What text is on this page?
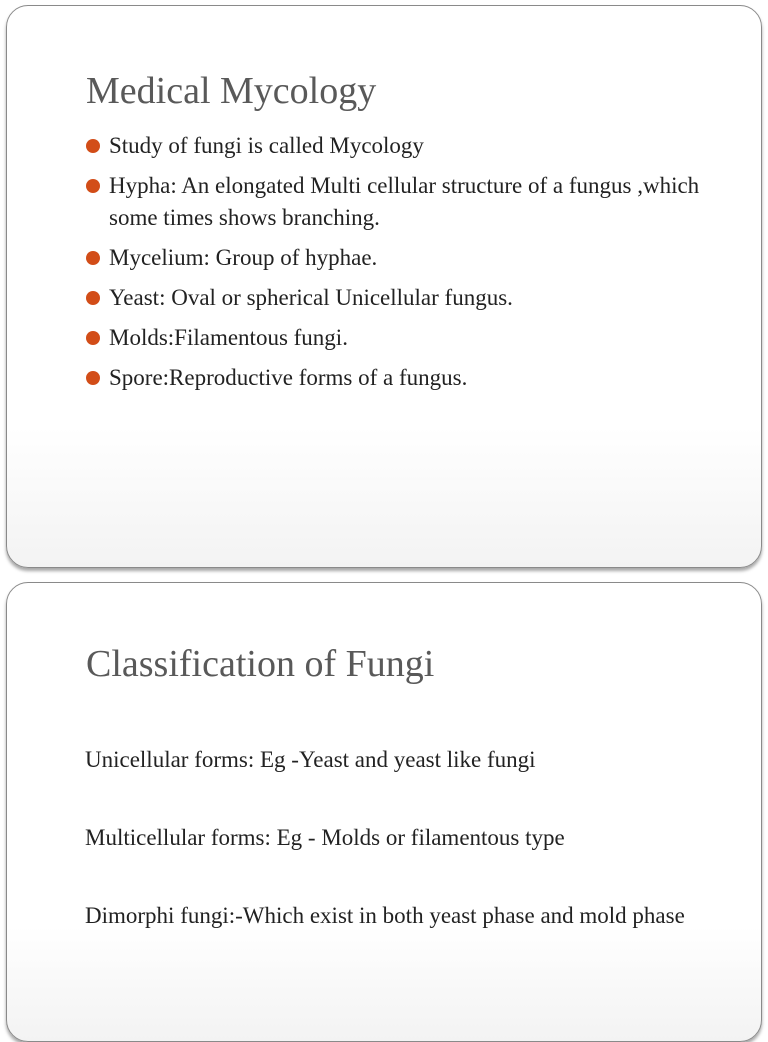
Medical Mycology
Study of fungi is called Mycology
Hypha: An elongated Multi cellular structure of a fungus ,which some times shows branching.
Mycelium: Group of hyphae.
Yeast: Oval or spherical Unicellular fungus.
Molds:Filamentous fungi.
Spore:Reproductive forms of a fungus.
Classification of Fungi

Unicellular forms: Eg -Yeast and yeast like fungi

Multicellular forms: Eg - Molds or filamentous type

Dimorphi fungi:-Which exist in both yeast phase and mold phase
